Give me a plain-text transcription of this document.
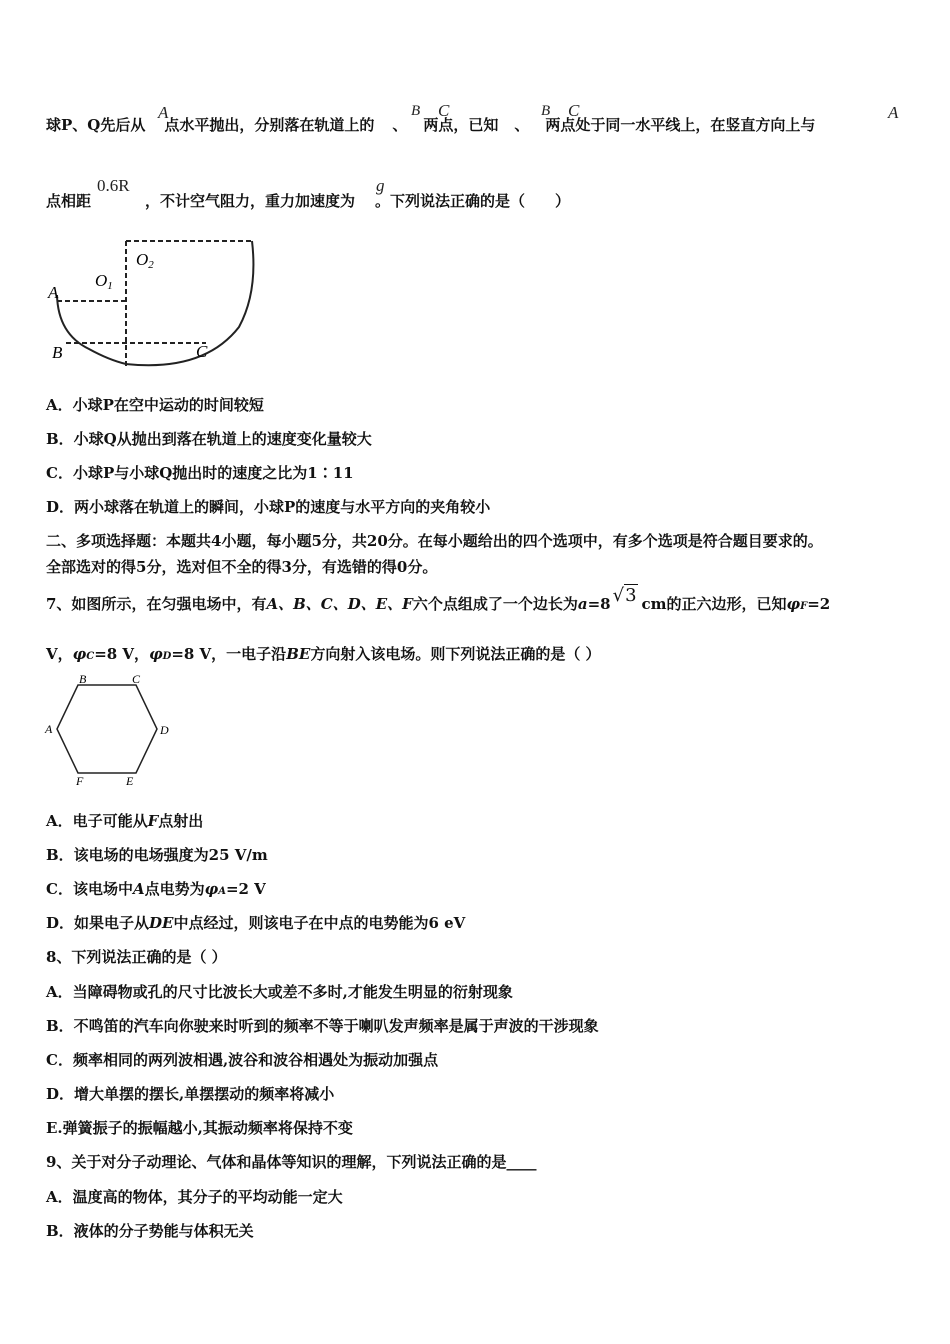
球P、Q先后从 点水平抛出，分别落在轨道上的 、 两点，已知 、 两点处于同一水平线上，在竖直方向上与
A	B C	B C	A
点相距	，不计空气阻力，重力加速度为 。下列说法正确的是（　　）
0.6R	g
A
B	C
O1
O2
A．小球P在空中运动的时间较短
B．小球Q从抛出到落在轨道上的速度变化量较大
C．小球P与小球Q抛出时的速度之比为1∶11
D．两小球落在轨道上的瞬间，小球P的速度与水平方向的夹角较小
二、多项选择题：本题共4小题，每小题5分，共20分。在每小题给出的四个选项中，有多个选项是符合题目要求的。
全部选对的得5分，选对但不全的得3分，有选错的得0分。
7、如图所示，在匀强电场中，有A、B、C、D、E、F六个点组成了一个边长为a=8 √3 cm的正六边形，已知φF=2
V，φC=8 V，φD=8 V，一电子沿BE方向射入该电场。则下列说法正确的是（ ）
B	C
A	D
F	E
A．电子可能从F点射出
B．该电场的电场强度为25 V/m
C．该电场中A点电势为φA=2 V
D．如果电子从DE中点经过，则该电子在中点的电势能为6 eV
8、下列说法正确的是（ ）
A．当障碍物或孔的尺寸比波长大或差不多时,才能发生明显的衍射现象
B．不鸣笛的汽车向你驶来时听到的频率不等于喇叭发声频率是属于声波的干涉现象
C．频率相同的两列波相遇,波谷和波谷相遇处为振动加强点
D．增大单摆的摆长,单摆摆动的频率将减小
E.弹簧振子的振幅越小,其振动频率将保持不变
9、关于对分子动理论、气体和晶体等知识的理解，下列说法正确的是____
A．温度高的物体，其分子的平均动能一定大
B．液体的分子势能与体积无关
